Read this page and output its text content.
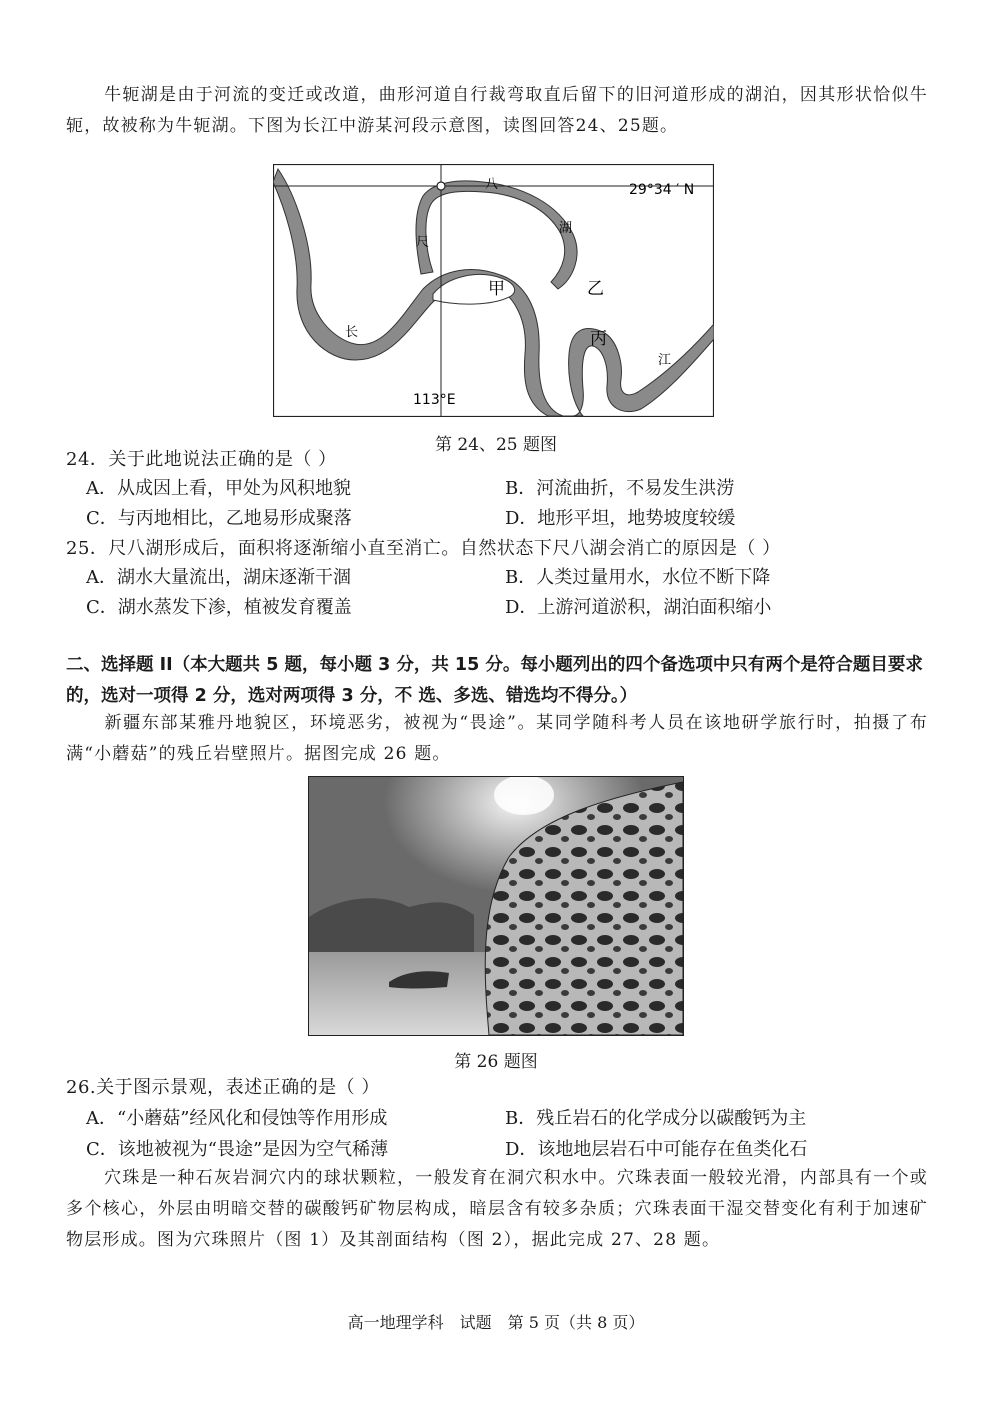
牛轭湖是由于河流的变迁或改道，曲形河道自行裁弯取直后留下的旧河道形成的湖泊，因其形状恰似牛轭，故被称为牛轭湖。下图为长江中游某河段示意图，读图回答24、25题。

29°34 ′ N
113°E
尺
八
湖
长
江
甲	乙
丙

第 24、25 题图

24．关于此地说法正确的是（ ）

A．从成因上看，甲处为风积地貌	B．河流曲折，不易发生洪涝

C．与丙地相比，乙地易形成聚落	D．地形平坦，地势坡度较缓

25．尺八湖形成后，面积将逐渐缩小直至消亡。自然状态下尺八湖会消亡的原因是（ ）

A．湖水大量流出，湖床逐渐干涸	B．人类过量用水，水位不断下降

C．湖水蒸发下渗，植被发育覆盖	D．上游河道淤积，湖泊面积缩小

二、选择题 II（本大题共 5 题，每小题 3 分，共 15 分。每小题列出的四个备选项中只有两个是符合题目要求的，选对一项得 2 分，选对两项得 3 分，不 选、多选、错选均不得分。）

新疆东部某雅丹地貌区，环境恶劣，被视为“畏途”。某同学随科考人员在该地研学旅行时，拍摄了布满“小蘑菇”的残丘岩壁照片。据图完成 26 题。

第 26 题图

26.关于图示景观，表述正确的是（ ）

A．“小蘑菇”经风化和侵蚀等作用形成	B．残丘岩石的化学成分以碳酸钙为主

C．该地被视为“畏途”是因为空气稀薄	D．该地地层岩石中可能存在鱼类化石

穴珠是一种石灰岩洞穴内的球状颗粒，一般发育在洞穴积水中。穴珠表面一般较光滑，内部具有一个或多个核心，外层由明暗交替的碳酸钙矿物层构成，暗层含有较多杂质；穴珠表面干湿交替变化有利于加速矿物层形成。图为穴珠照片（图 1）及其剖面结构（图 2），据此完成 27、28 题。

高一地理学科　试题　第 5 页（共 8 页）
